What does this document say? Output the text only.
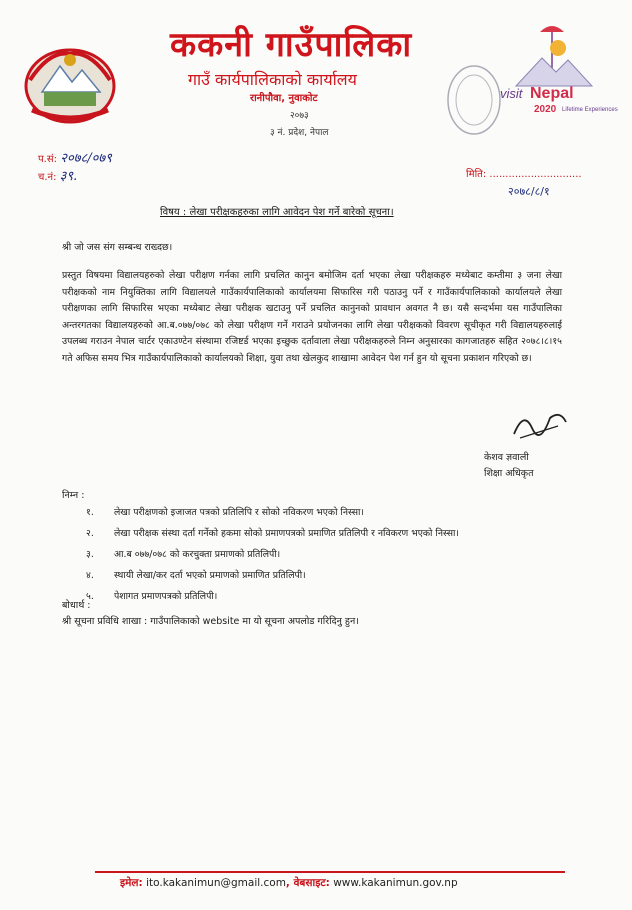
ककनी गाउँपालिका
गाउँ कार्यपालिकाको कार्यालय
रानीपौवा, नुवाकोट
२०७३
३ नं. प्रदेश, नेपाल
visit Nepal
2020 Lifetime Experiences
प.सं: २०७८/०७९
च.नं: ३९.	मिति: .............................
२०७८/८/१
विषय : लेखा परीक्षकहरुका लागि आवेदन पेश गर्ने बारेको सूचना।
श्री जो जस संग सम्बन्ध राख्दछ।
प्रस्तुत विषयमा विद्यालयहरुको लेखा परीक्षण गर्नका लागि प्रचलित कानुन बमोजिम दर्ता भएका लेखा परीक्षकहरु मध्येबाट कम्तीमा ३ जना लेखा परीक्षकको नाम नियुक्तिका लागि विद्यालयले गाउँकार्यपालिकाको कार्यालयमा सिफारिस गरी पठाउनु पर्ने र गाउँकार्यपालिकाको कार्यालयले लेखा परीक्षणका लागि सिफारिस भएका मध्येबाट लेखा परीक्षक खटाउनु पर्ने प्रचलित कानुनको प्रावधान अवगत नै छ। यसै सन्दर्भमा यस गाउँपालिका अन्तरगतका विद्यालयहरुको आ.ब.०७७/०७८ को लेखा परीक्षण गर्ने गराउने प्रयोजनका लागि लेखा परीक्षकको विवरण सूचीकृत गरी विद्यालयहरुलाई उपलब्ध गराउन नेपाल चार्टर एकाउण्टेन संस्थामा रजिष्टर्ड भएका इच्छुक दर्तावाला लेखा परीक्षकहरुले निम्न अनुसारका कागजातहरु सहित २०७८।८।१५ गते अफिस समय भित्र गाउँकार्यपालिकाको कार्यालयको शिक्षा, युवा तथा खेलकुद शाखामा आवेदन पेश गर्न हुन यो सूचना प्रकाशन गरिएको छ।
केशव ज्ञवाली
शिक्षा अधिकृत
निम्न :
१. लेखा परीक्षणको इजाजत पत्रको प्रतिलिपि र सोको नविकरण भएको निस्सा।
२. लेखा परीक्षक संस्था दर्ता गर्नेको हकमा सोको प्रमाणपत्रको प्रमाणित प्रतिलिपी र नविकरण भएको निस्सा।
३. आ.ब ०७७/०७८ को करचुक्ता प्रमाणको प्रतिलिपी।
४. स्थायी लेखा/कर दर्ता भएको प्रमाणको प्रमाणित प्रतिलिपी।
५. पेशागत प्रमाणपत्रको प्रतिलिपी।
बोधार्थ :
श्री सूचना प्रविधि शाखा : गाउँपालिकाको website मा यो सूचना अपलोड गरिदिनु हुन।
इमेल: ito.kakanimun@gmail.com, वेबसाइट: www.kakanimun.gov.np
